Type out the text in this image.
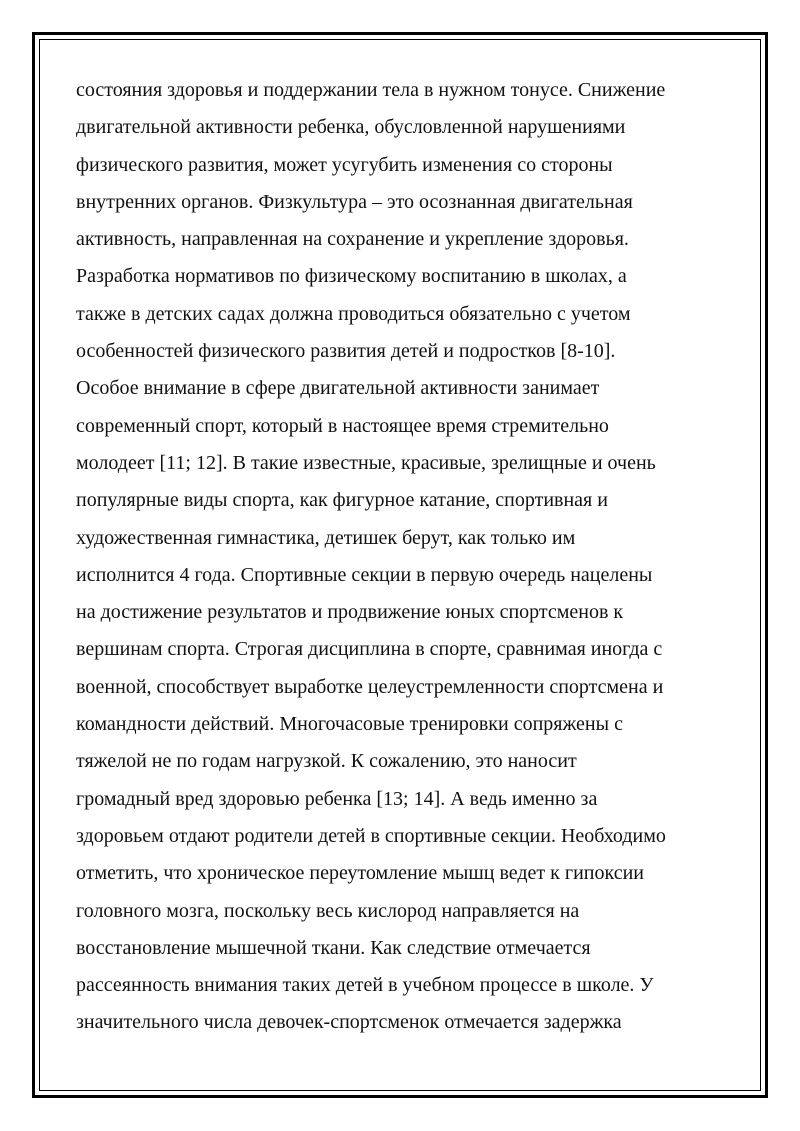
состояния здоровья и поддержании тела в нужном тонусе. Снижение
двигательной активности ребенка, обусловленной нарушениями
физического развития, может усугубить изменения со стороны
внутренних органов. Физкультура – это осознанная двигательная
активность, направленная на сохранение и укрепление здоровья.
Разработка нормативов по физическому воспитанию в школах, а
также в детских садах должна проводиться обязательно с учетом
особенностей физического развития детей и подростков [8-10].
Особое внимание в сфере двигательной активности занимает
современный спорт, который в настоящее время стремительно
молодеет [11; 12]. В такие известные, красивые, зрелищные и очень
популярные виды спорта, как фигурное катание, спортивная и
художественная гимнастика, детишек берут, как только им
исполнится 4 года. Спортивные секции в первую очередь нацелены
на достижение результатов и продвижение юных спортсменов к
вершинам спорта. Строгая дисциплина в спорте, сравнимая иногда с
военной, способствует выработке целеустремленности спортсмена и
командности действий. Многочасовые тренировки сопряжены с
тяжелой не по годам нагрузкой. К сожалению, это наносит
громадный вред здоровью ребенка [13; 14]. А ведь именно за
здоровьем отдают родители детей в спортивные секции. Необходимо
отметить, что хроническое переутомление мышц ведет к гипоксии
головного мозга, поскольку весь кислород направляется на
восстановление мышечной ткани. Как следствие отмечается
рассеянность внимания таких детей в учебном процессе в школе. У
значительного числа девочек-спортсменок отмечается задержка
